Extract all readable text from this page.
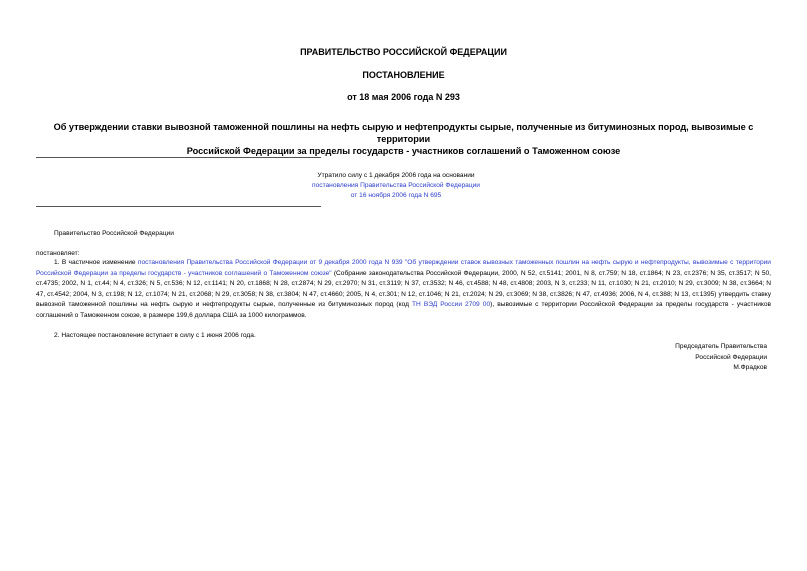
ПРАВИТЕЛЬСТВО РОССИЙСКОЙ ФЕДЕРАЦИИ
ПОСТАНОВЛЕНИЕ
от 18 мая 2006 года N 293
Об утверждении ставки вывозной таможенной пошлины на нефть сырую и нефтепродукты сырые, полученные из битуминозных пород, вывозимые с территории
Российской Федерации за пределы государств - участников соглашений о Таможенном союзе
Утратило силу с 1 декабря 2006 года на основании
постановления Правительства Российской Федерации
от 16 ноября 2006 года N 695
Правительство Российской Федерации
постановляет:
1. В частичное изменение постановления Правительства Российской Федерации от 9 декабря 2000 года N 939 "Об утверждении ставок вывозных таможенных пошлин на нефть сырую и нефтепродукты, вывозимые с территории Российской Федерации за пределы государств - участников соглашений о Таможенном союзе" (Собрание законодательства Российской Федерации, 2000, N 52, ст.5141; 2001, N 8, ст.759; N 18, ст.1864; N 23, ст.2376; N 35, ст.3517; N 50, ст.4735; 2002, N 1, ст.44; N 4, ст.326; N 5, ст.536; N 12, ст.1141; N 20, ст.1868; N 28, ст.2874; N 29, ст.2970; N 31, ст.3119; N 37, ст.3532; N 46, ст.4588; N 48, ст.4808; 2003, N 3, ст.233; N 11, ст.1030; N 21, ст.2010; N 29, ст.3009; N 38, ст.3664; N 47, ст.4542; 2004, N 3, ст.198; N 12, ст.1074; N 21, ст.2068; N 29, ст.3058; N 38, ст.3804; N 47, ст.4660; 2005, N 4, ст.301; N 12, ст.1046; N 21, ст.2024; N 29, ст.3069; N 38, ст.3826; N 47, ст.4936; 2006, N 4, ст.388; N 13, ст.1395) утвердить ставку вывозной таможенной пошлины на нефть сырую и нефтепродукты сырые, полученные из битуминозных пород (код ТН ВЭД России 2709 00), вывозимые с территории Российской Федерации за пределы государств - участников соглашений о Таможенном союзе, в размере 199,6 доллара США за 1000 килограммов.
2. Настоящее постановление вступает в силу с 1 июня 2006 года.
Председатель Правительства
Российской Федерации
М.Фрадков
